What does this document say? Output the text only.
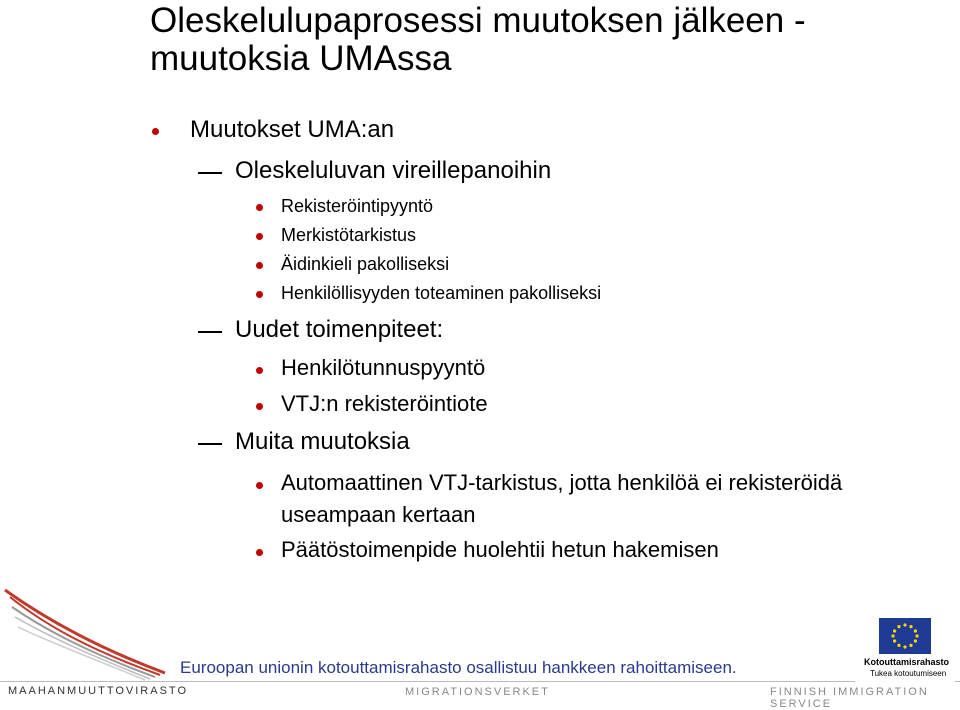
Oleskelulupaprosessi muutoksen jälkeen - muutoksia UMAssa
Muutokset UMA:an
Oleskeluluvan vireillepanoihin
Rekisteröintipyyntö
Merkistötarkistus
Äidinkieli pakolliseksi
Henkilöllisyyden toteaminen pakolliseksi
Uudet toimenpiteet:
Henkilötunnuspyyntö
VTJ:n rekisteröintiote
Muita muutoksia
Automaattinen VTJ-tarkistus, jotta henkilöä ei rekisteröidä
useampaan kertaan
Päätöstoimenpide huolehtii hetun hakemisen
Euroopan unionin kotouttamisrahasto osallistuu hankkeen rahoittamiseen.
MAAHANMUUTTOVIRASTO	MIGRATIONSVERKET	FINNISH IMMIGRATION SERVICE
Kotouttamisrahasto
Tukea kotoutumiseen
